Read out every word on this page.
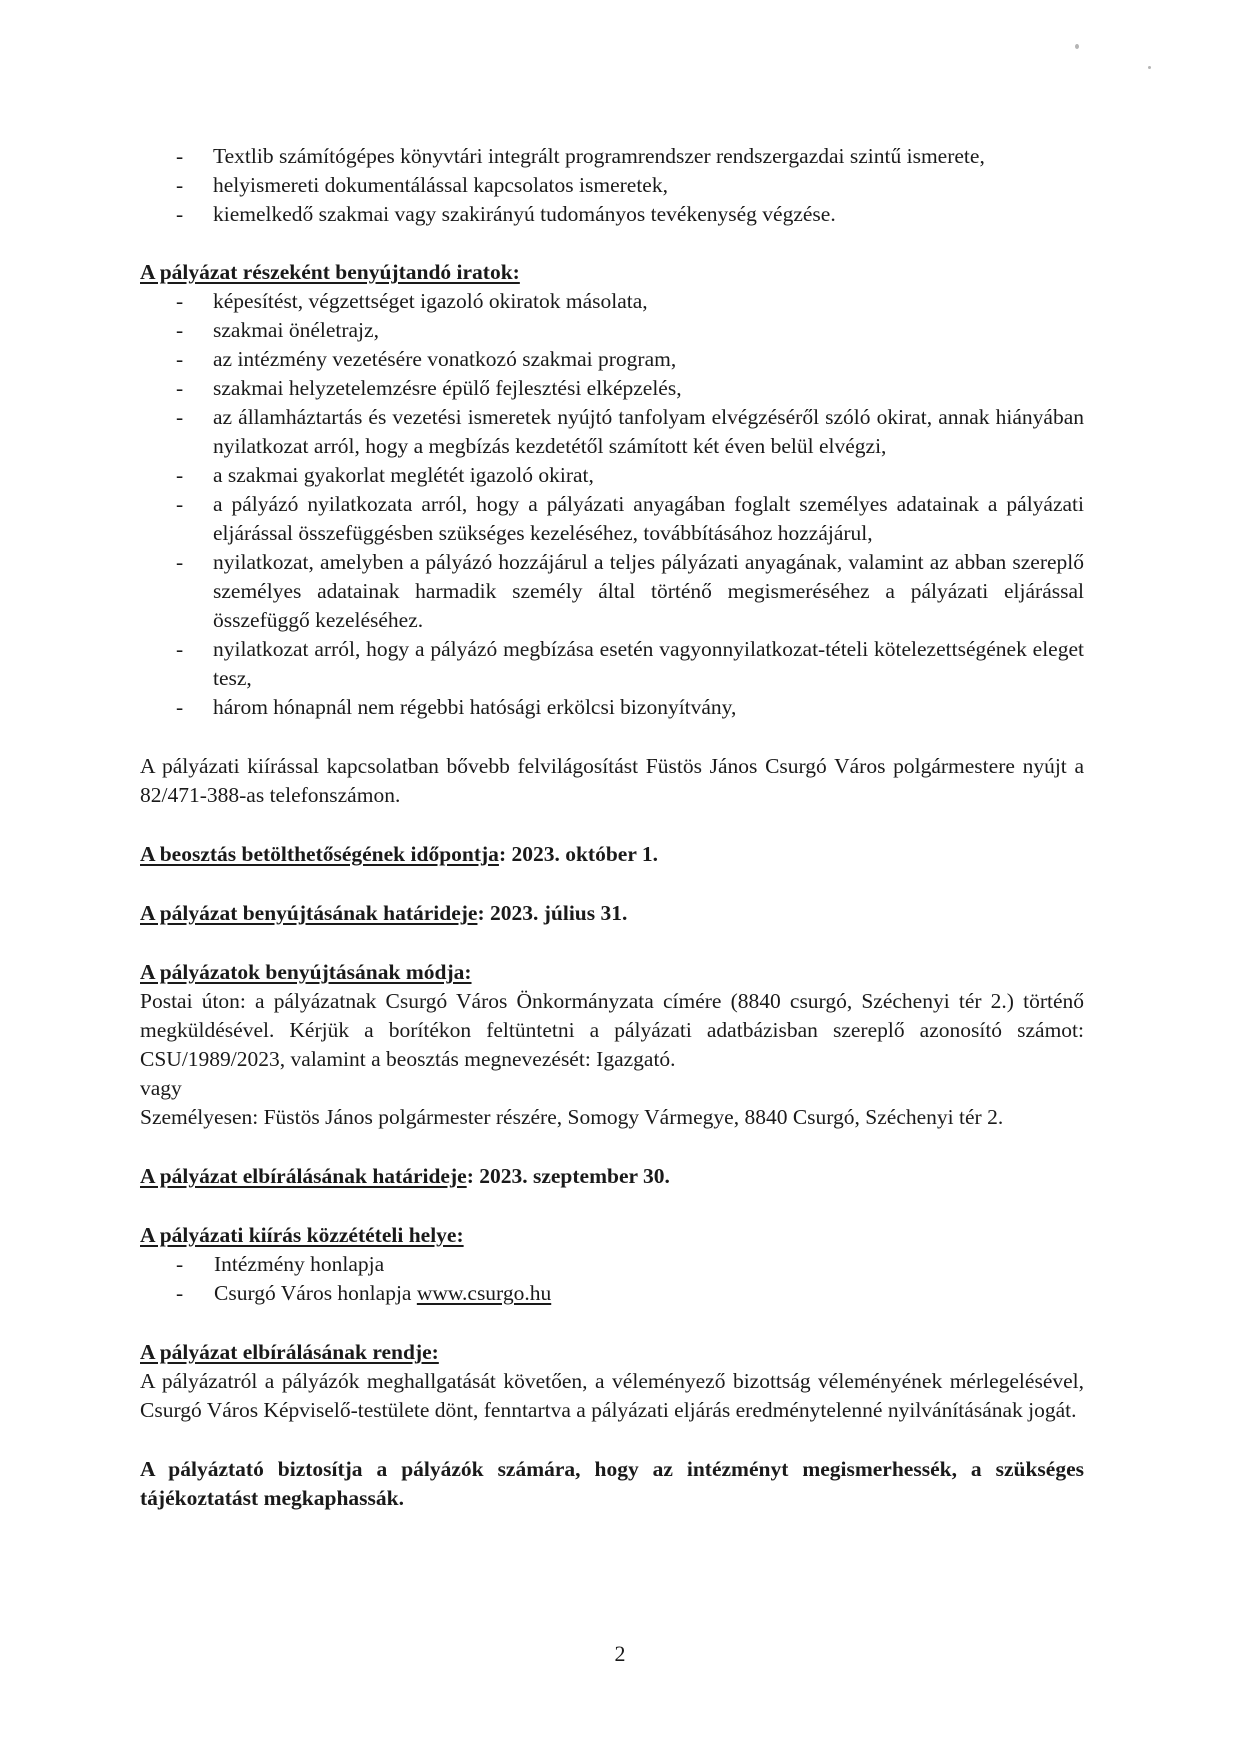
- Textlib számítógépes könyvtári integrált programrendszer rendszergazdai szintű ismerete,
- helyismereti dokumentálással kapcsolatos ismeretek,
- kiemelkedő szakmai vagy szakirányú tudományos tevékenység végzése.

A pályázat részeként benyújtandó iratok:

- képesítést, végzettséget igazoló okiratok másolata,
- szakmai önéletrajz,
- az intézmény vezetésére vonatkozó szakmai program,
- szakmai helyzetelemzésre épülő fejlesztési elképzelés,
- az államháztartás és vezetési ismeretek nyújtó tanfolyam elvégzéséről szóló okirat, annak hiányában nyilatkozat arról, hogy a megbízás kezdetétől számított két éven belül elvégzi,
- a szakmai gyakorlat meglétét igazoló okirat,
- a pályázó nyilatkozata arról, hogy a pályázati anyagában foglalt személyes adatainak a pályázati eljárással összefüggésben szükséges kezeléséhez, továbbításához hozzájárul,
- nyilatkozat, amelyben a pályázó hozzájárul a teljes pályázati anyagának, valamint az abban szereplő személyes adatainak harmadik személy által történő megismeréséhez a pályázati eljárással összefüggő kezeléséhez.
- nyilatkozat arról, hogy a pályázó megbízása esetén vagyonnyilatkozat-tételi kötelezettségének eleget tesz,
- három hónapnál nem régebbi hatósági erkölcsi bizonyítvány,

A pályázati kiírással kapcsolatban bővebb felvilágosítást Füstös János Csurgó Város polgármestere nyújt a 82/471-388-as telefonszámon.

A beosztás betölthetőségének időpontja: 2023. október 1.

A pályázat benyújtásának határideje: 2023. július 31.

A pályázatok benyújtásának módja:

Postai úton: a pályázatnak Csurgó Város Önkormányzata címére (8840 csurgó, Széchenyi tér 2.) történő megküldésével. Kérjük a borítékon feltüntetni a pályázati adatbázisban szereplő azonosító számot: CSU/1989/2023, valamint a beosztás megnevezését: Igazgató.

vagy

Személyesen: Füstös János polgármester részére, Somogy Vármegye, 8840 Csurgó, Széchenyi tér 2.

A pályázat elbírálásának határideje: 2023. szeptember 30.

A pályázati kiírás közzétételi helye:

- Intézmény honlapja
- Csurgó Város honlapja www.csurgo.hu

A pályázat elbírálásának rendje:

A pályázatról a pályázók meghallgatását követően, a véleményező bizottság véleményének mérlegelésével, Csurgó Város Képviselő-testülete dönt, fenntartva a pályázati eljárás eredménytelenné nyilvánításának jogát.

A pályáztató biztosítja a pályázók számára, hogy az intézményt megismerhessék, a szükséges tájékoztatást megkaphassák.

2
